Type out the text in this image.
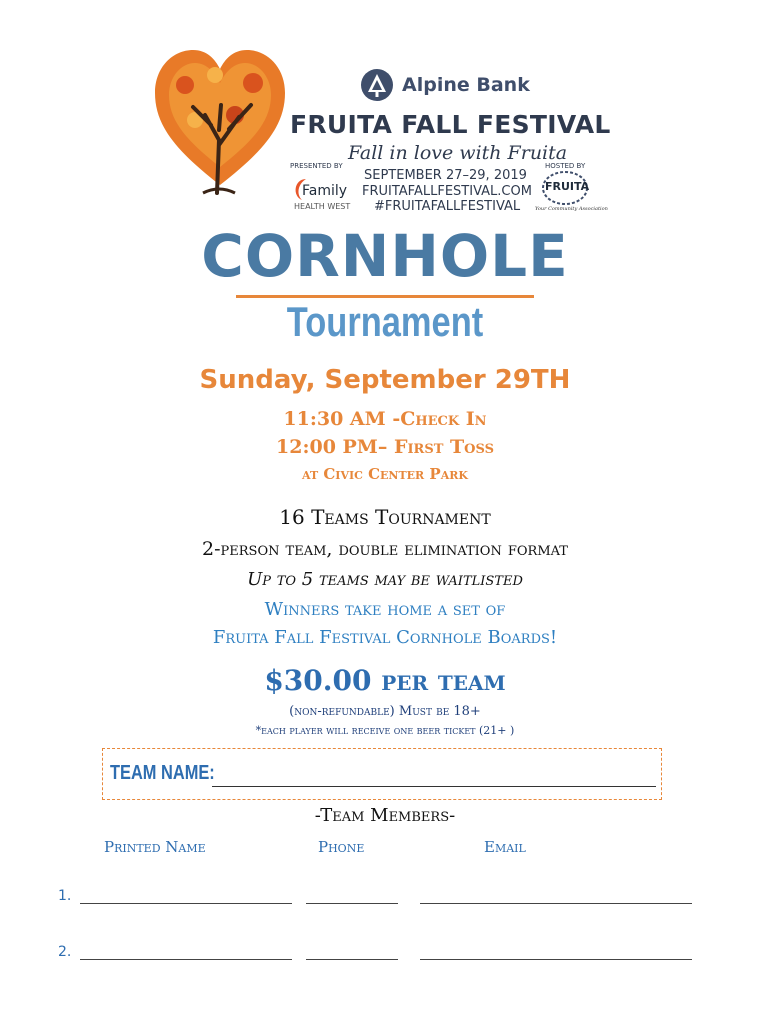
Alpine Bank
FRUITA FALL FESTIVAL
Fall in love with Fruita
PRESENTED BY	HOSTED BY
Family
HEALTH WEST
SEPTEMBER 27–29, 2019
FRUITAFALLFESTIVAL.COM
#FRUITAFALLFESTIVAL
FRUITA
Your Community Association
CORNHOLE
Tournament
Sunday, September 29TH
11:30 AM -Check In
12:00 PM– First Toss
at Civic Center Park
16 Teams Tournament
2-person team, double elimination format
Up to 5 teams may be waitlisted
Winners take home a set of
Fruita Fall Festival Cornhole Boards!
$30.00 per team
(non-refundable) Must be 18+
*each player will receive one beer ticket (21+ )
TEAM NAME:
-Team Members-
Printed Name	Phone	Email
1.
2.
